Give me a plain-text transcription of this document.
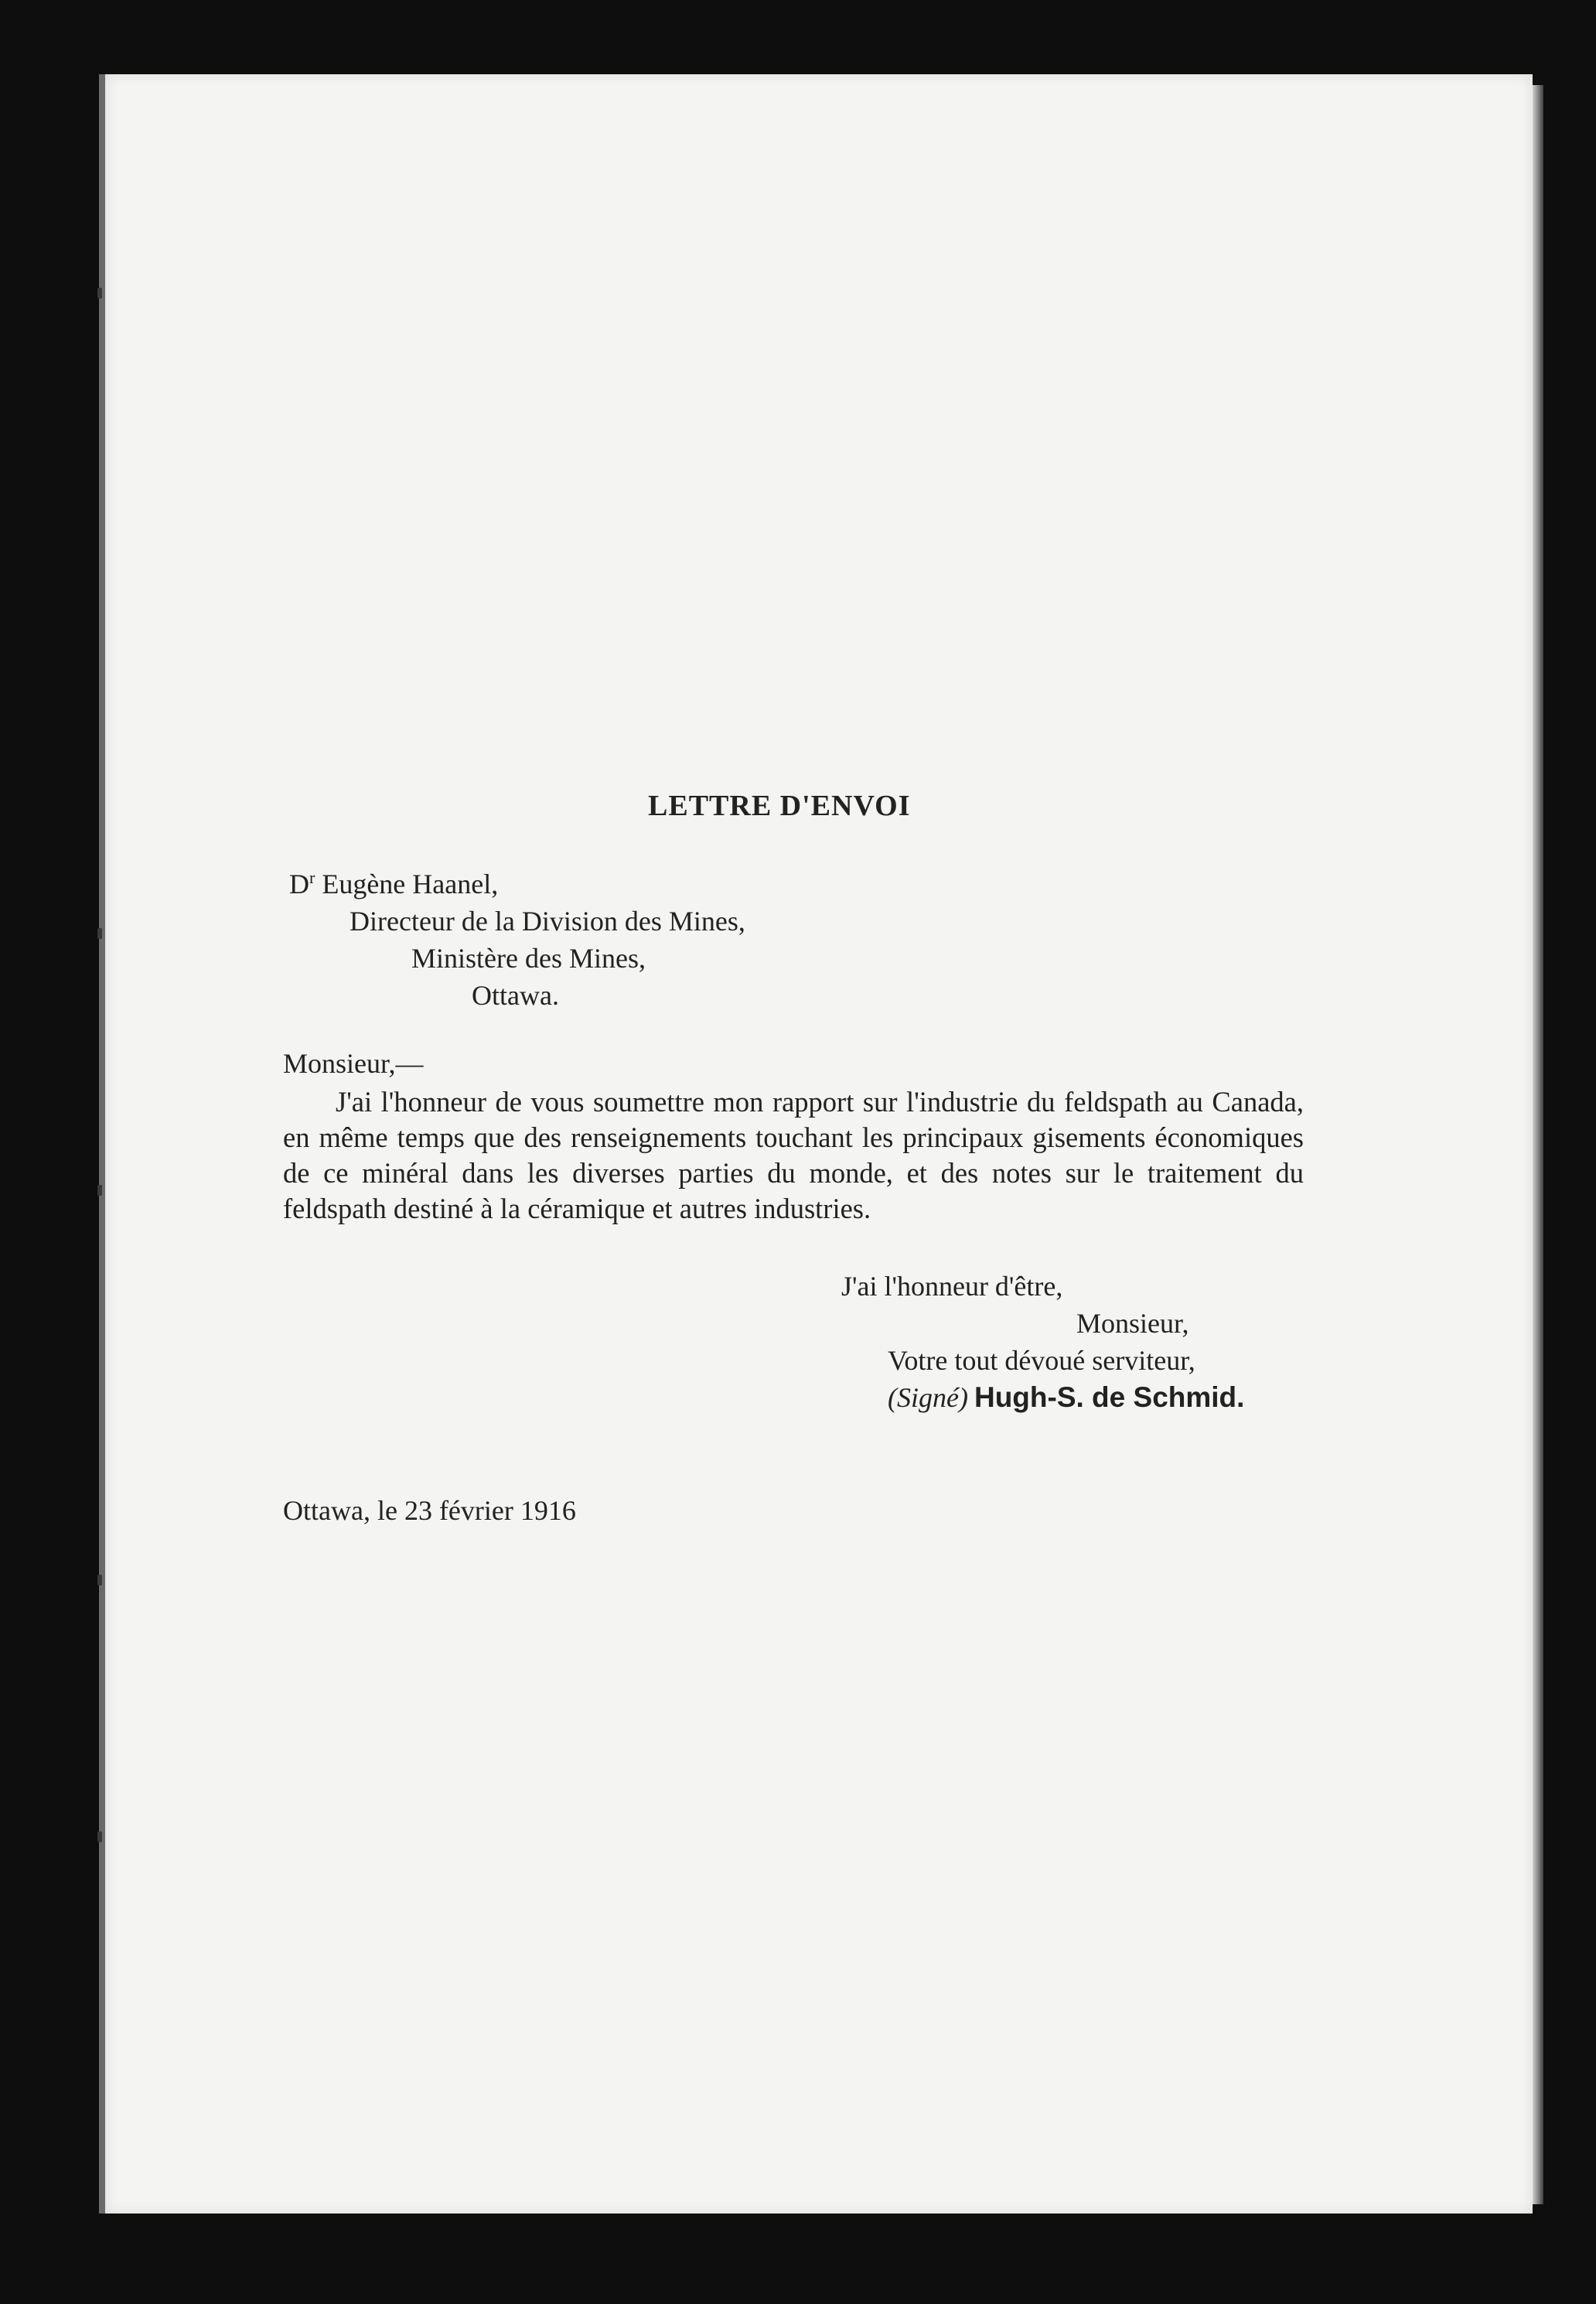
LETTRE D'ENVOI
$D^r$ Eugène Haanel,
Directeur de la Division des Mines,
Ministère des Mines,
Ottawa.
Monsieur,—
J'ai l'honneur de vous soumettre mon rapport sur l'industrie du feldspath au Canada, en même temps que des renseignements touchant les principaux gisements économiques de ce minéral dans les diverses parties du monde, et des notes sur le traitement du feldspath destiné à la céramique et autres industries.
J'ai l'honneur d'être,
Monsieur,
Votre tout dévoué serviteur,
(Signé) Hugh-S. de Schmid.
Ottawa, le 23 février 1916
